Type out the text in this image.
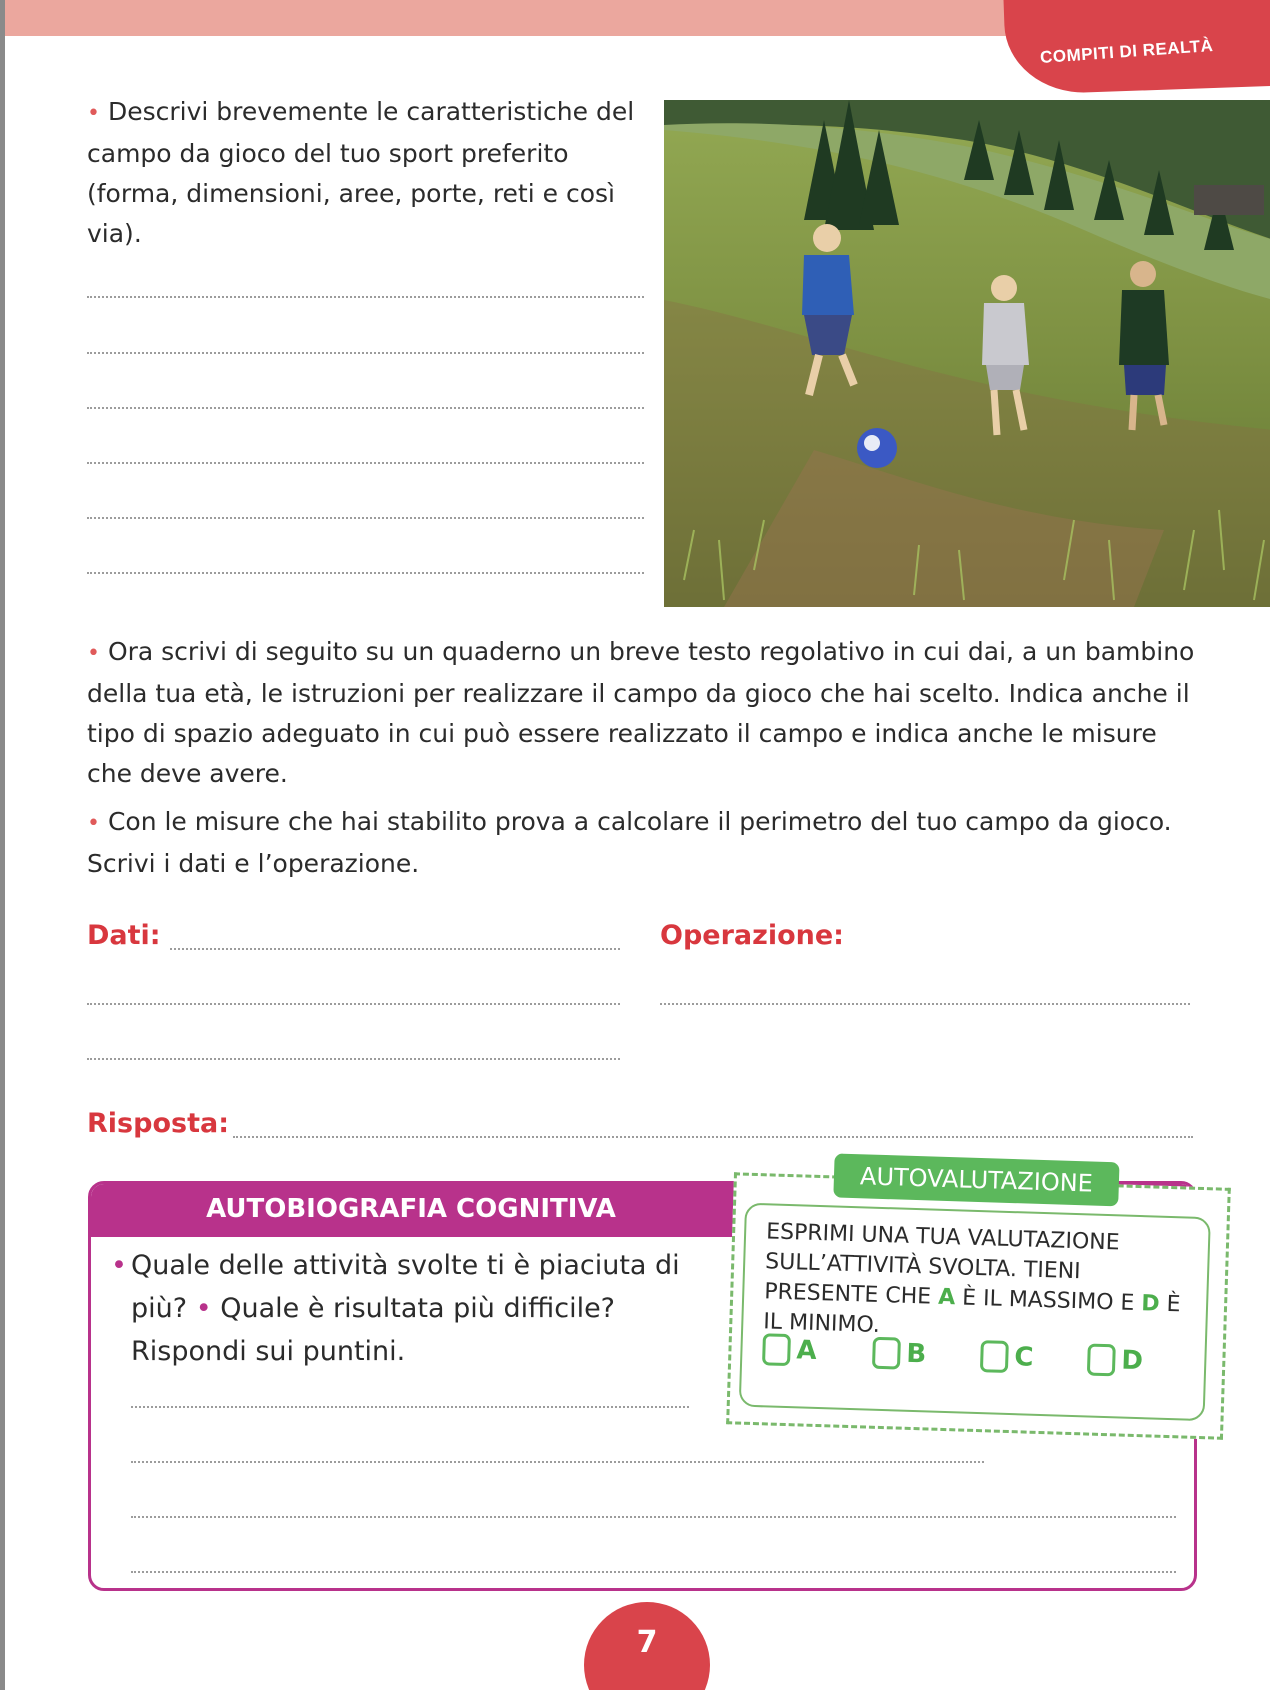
COMPITI DI REALTÀ

• Descrivi brevemente le caratteristiche del campo da gioco del tuo sport preferito (forma, dimensioni, aree, porte, reti e così via).

• Ora scrivi di seguito su un quaderno un breve testo regolativo in cui dai, a un bambino della tua età, le istruzioni per realizzare il campo da gioco che hai scelto. Indica anche il tipo di spazio adeguato in cui può essere realizzato il campo e indica anche le misure che deve avere.

• Con le misure che hai stabilito prova a calcolare il perimetro del tuo campo da gioco. Scrivi i dati e l’operazione.

Dati:	Operazione:
Risposta:
AUTOBIOGRAFIA COGNITIVA
• Quale delle attività svolte ti è piaciuta di più? • Quale è risultata più difficile?
Rispondi sui puntini.
AUTOVALUTAZIONE
ESPRIMI UNA TUA VALUTAZIONE SULL’ATTIVITÀ SVOLTA. TIENI PRESENTE CHE A È IL MASSIMO E D È IL MINIMO.
A	B	C	D
7
